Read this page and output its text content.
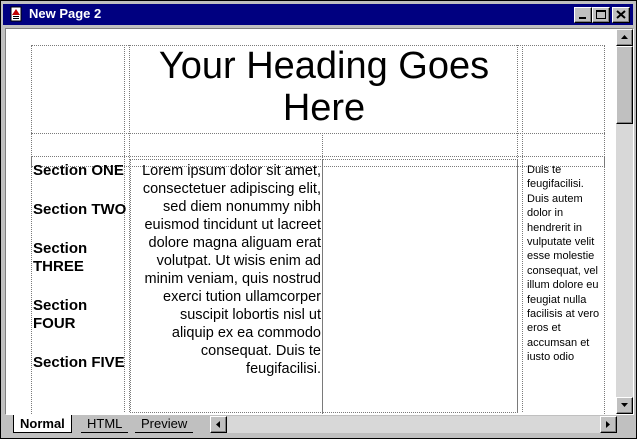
New Page 2
Your Heading Goes Here
Section ONE
Section TWO
Section THREE
Section FOUR
Section FIVE
Lorem ipsum dolor sit amet, consectetuer adipiscing elit, sed diem nonummy nibh euismod tincidunt ut lacreet dolore magna aliguam erat volutpat. Ut wisis enim ad minim veniam, quis nostrud exerci tution ullamcorper suscipit lobortis nisl ut aliquip ex ea commodo consequat. Duis te feugifacilisi.
Duis te feugifacilisi. Duis autem dolor in hendrerit in vulputate velit esse molestie consequat, vel illum dolore eu feugiat nulla facilisis at vero eros et accumsan et iusto odio
Normal	HTML	Preview
